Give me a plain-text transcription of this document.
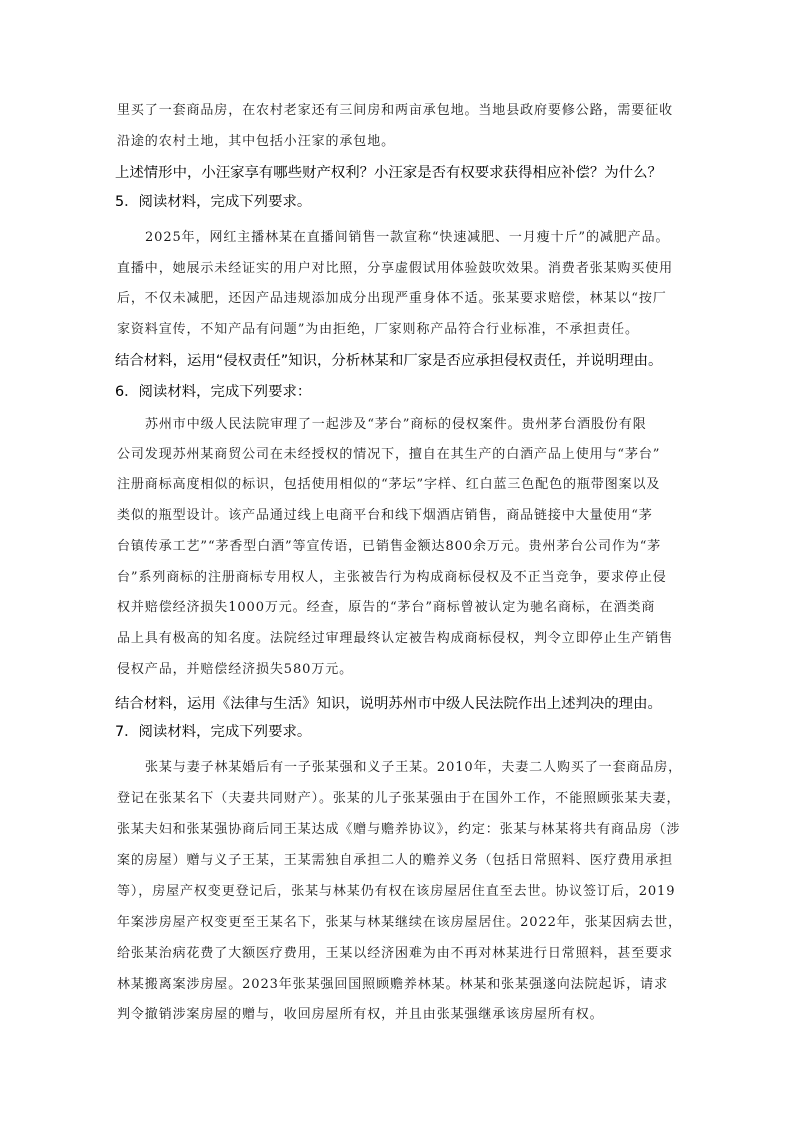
里买了一套商品房，在农村老家还有三间房和两亩承包地。当地县政府要修公路，需要征收
沿途的农村土地，其中包括小汪家的承包地。
上述情形中，小汪家享有哪些财产权利？小汪家是否有权要求获得相应补偿？为什么？
5．阅读材料，完成下列要求。
2025年，网红主播林某在直播间销售一款宣称“快速减肥、一月瘦十斤”的减肥产品。
直播中，她展示未经证实的用户对比照，分享虚假试用体验鼓吹效果。消费者张某购买使用
后，不仅未减肥，还因产品违规添加成分出现严重身体不适。张某要求赔偿，林某以“按厂
家资料宣传，不知产品有问题”为由拒绝，厂家则称产品符合行业标准，不承担责任。
结合材料，运用“侵权责任”知识，分析林某和厂家是否应承担侵权责任，并说明理由。
6．阅读材料，完成下列要求：
苏州市中级人民法院审理了一起涉及“茅台”商标的侵权案件。贵州茅台酒股份有限
公司发现苏州某商贸公司在未经授权的情况下，擅自在其生产的白酒产品上使用与“茅台”
注册商标高度相似的标识，包括使用相似的“茅坛”字样、红白蓝三色配色的瓶带图案以及
类似的瓶型设计。该产品通过线上电商平台和线下烟酒店销售，商品链接中大量使用“茅
台镇传承工艺”“茅香型白酒”等宣传语，已销售金额达800余万元。贵州茅台公司作为“茅
台”系列商标的注册商标专用权人，主张被告行为构成商标侵权及不正当竞争，要求停止侵
权并赔偿经济损失1000万元。经查，原告的“茅台”商标曾被认定为驰名商标，在酒类商
品上具有极高的知名度。法院经过审理最终认定被告构成商标侵权，判令立即停止生产销售
侵权产品，并赔偿经济损失580万元。
结合材料，运用《法律与生活》知识，说明苏州市中级人民法院作出上述判决的理由。
7．阅读材料，完成下列要求。
张某与妻子林某婚后有一子张某强和义子王某。2010年，夫妻二人购买了一套商品房，
登记在张某名下（夫妻共同财产）。张某的儿子张某强由于在国外工作，不能照顾张某夫妻，
张某夫妇和张某强协商后同王某达成《赠与赡养协议》，约定：张某与林某将共有商品房（涉
案的房屋）赠与义子王某，王某需独自承担二人的赡养义务（包括日常照料、医疗费用承担
等），房屋产权变更登记后，张某与林某仍有权在该房屋居住直至去世。协议签订后，2019
年案涉房屋产权变更至王某名下，张某与林某继续在该房屋居住。2022年，张某因病去世，
给张某治病花费了大额医疗费用，王某以经济困难为由不再对林某进行日常照料，甚至要求
林某搬离案涉房屋。2023年张某强回国照顾赡养林某。林某和张某强遂向法院起诉，请求
判令撤销涉案房屋的赠与，收回房屋所有权，并且由张某强继承该房屋所有权。
